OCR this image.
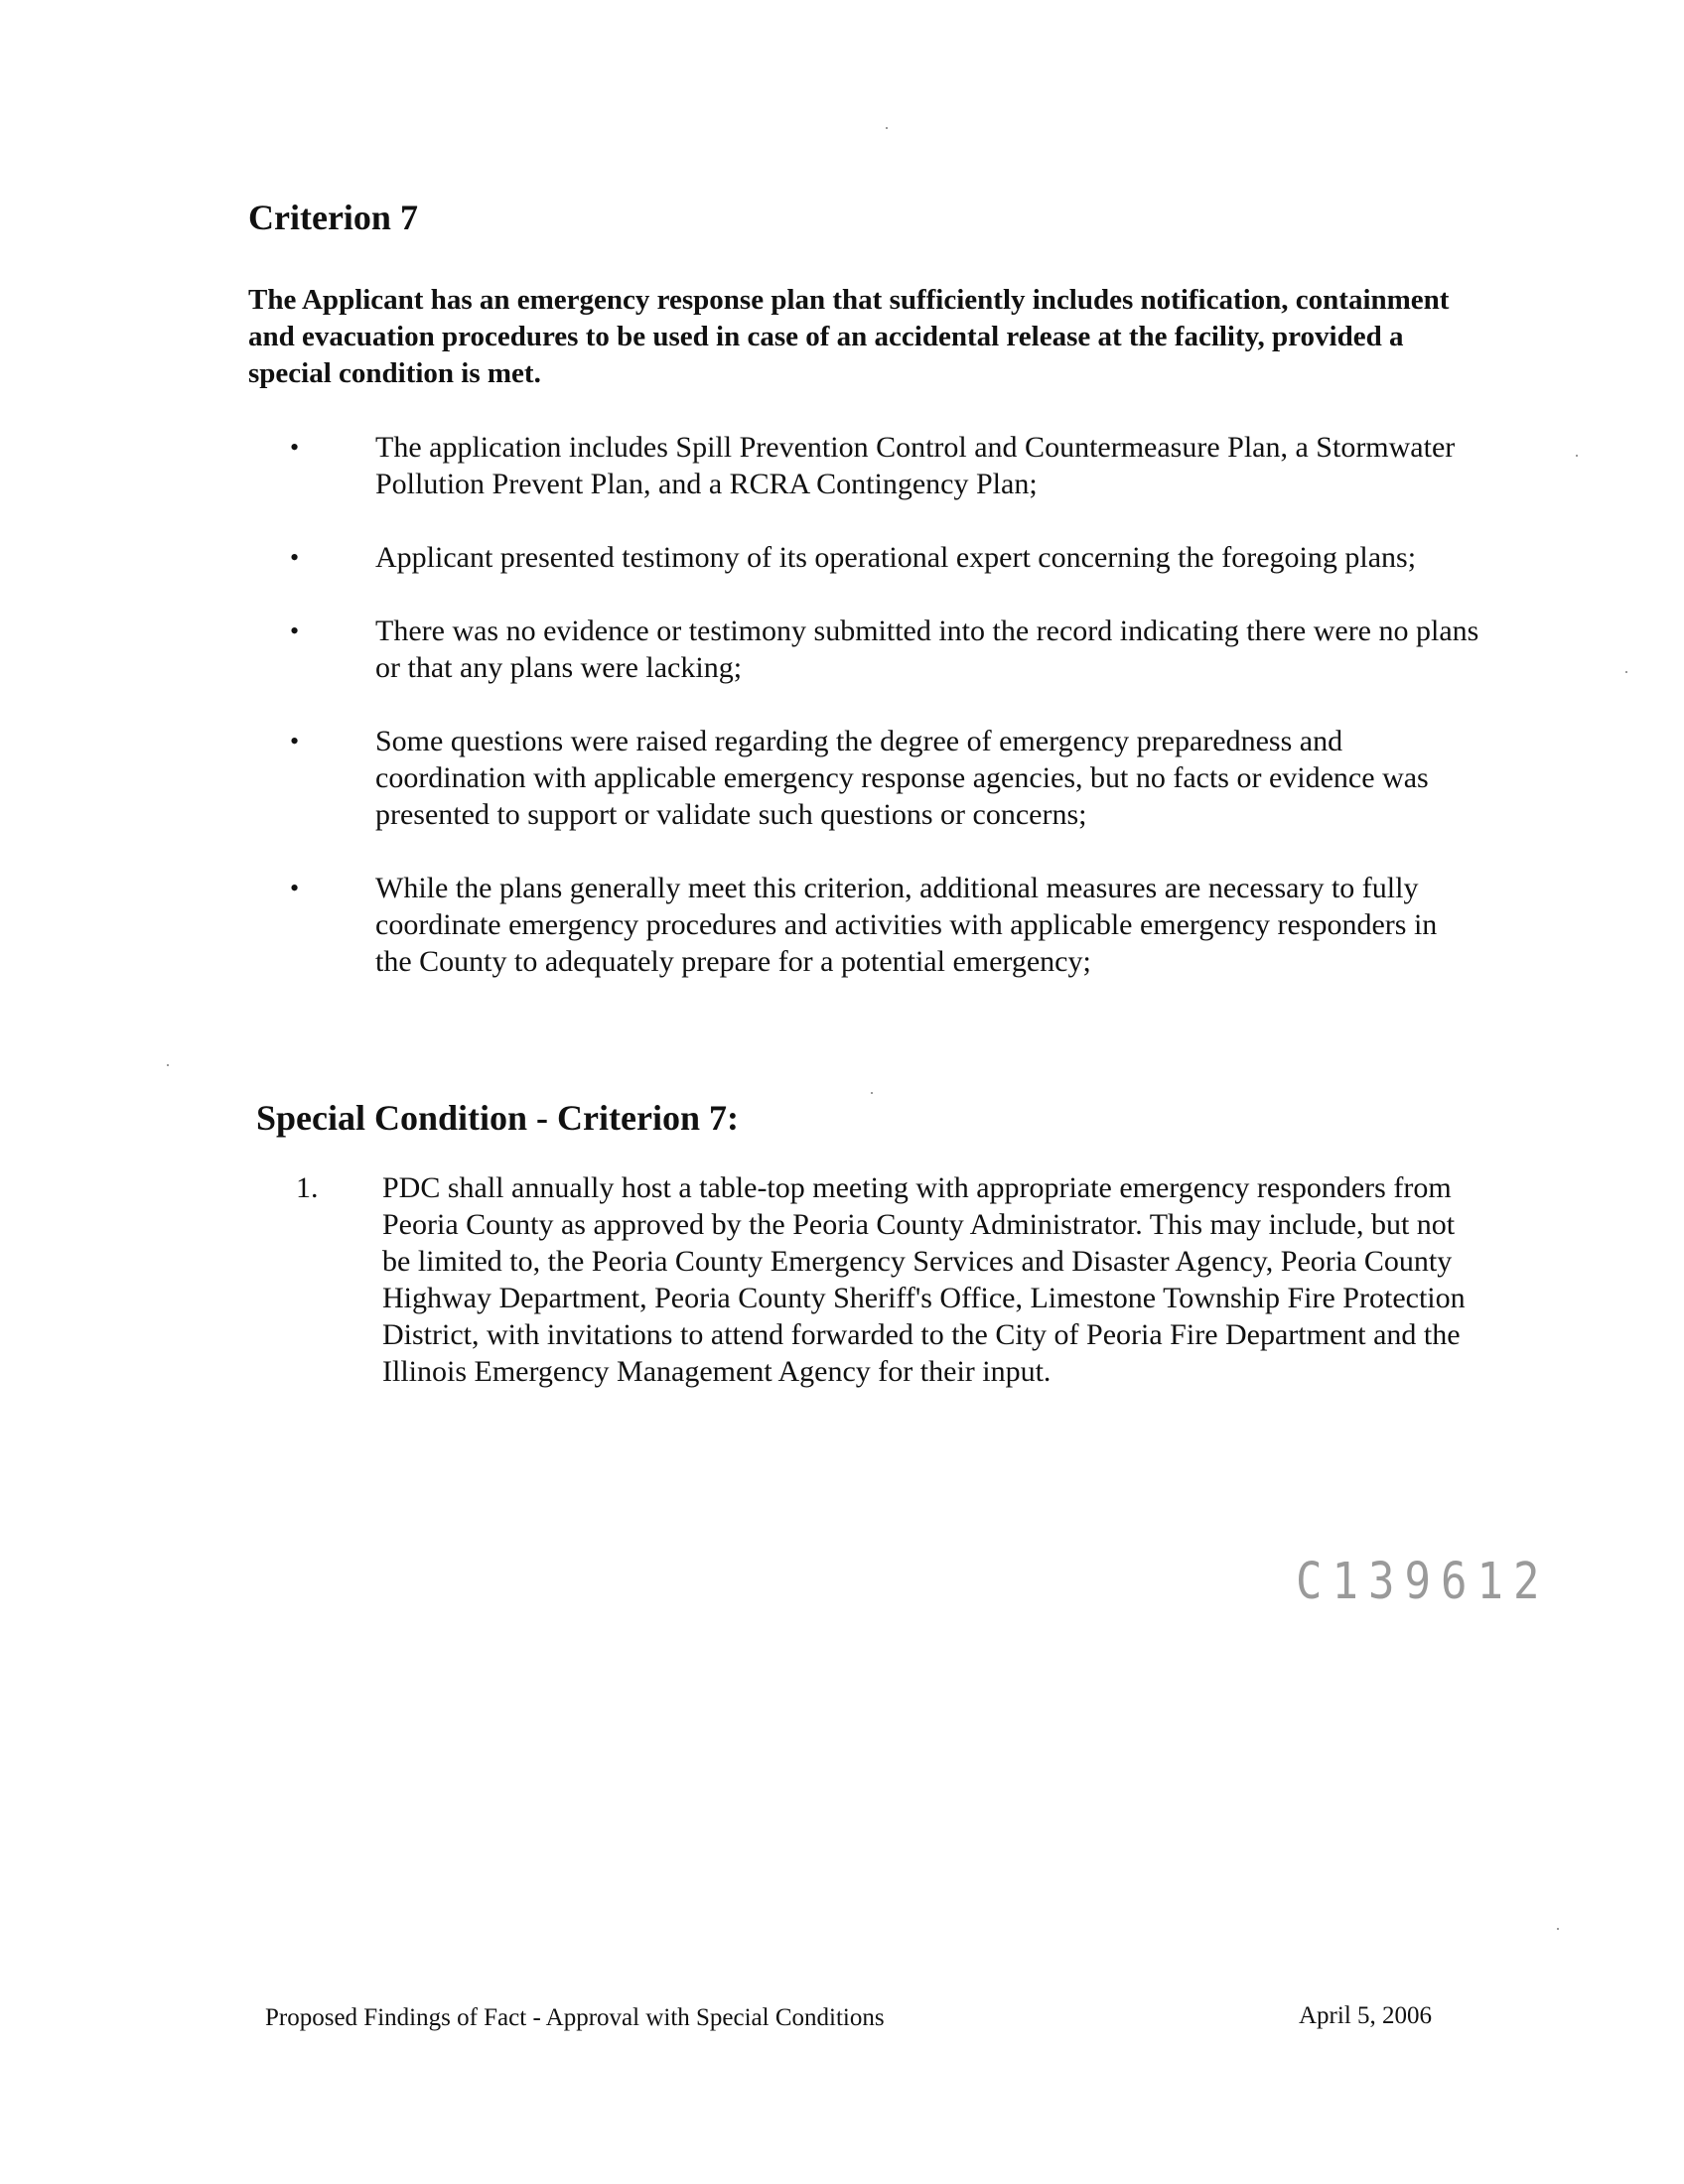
Criterion 7
The Applicant has an emergency response plan that sufficiently includes notification, containment and evacuation procedures to be used in case of an accidental release at the facility, provided a special condition is met.
•	The application includes Spill Prevention Control and Countermeasure Plan, a Stormwater Pollution Prevent Plan, and a RCRA Contingency Plan;
•	Applicant presented testimony of its operational expert concerning the foregoing plans;
•	There was no evidence or testimony submitted into the record indicating there were no plans or that any plans were lacking;
•	Some questions were raised regarding the degree of emergency preparedness and coordination with applicable emergency response agencies, but no facts or evidence was presented to support or validate such questions or concerns;
•	While the plans generally meet this criterion, additional measures are necessary to fully coordinate emergency procedures and activities with applicable emergency responders in the County to adequately prepare for a potential emergency;
Special Condition - Criterion 7:
1.	PDC shall annually host a table-top meeting with appropriate emergency responders from Peoria County as approved by the Peoria County Administrator. This may include, but not be limited to, the Peoria County Emergency Services and Disaster Agency, Peoria County Highway Department, Peoria County Sheriff's Office, Limestone Township Fire Protection District, with invitations to attend forwarded to the City of Peoria Fire Department and the Illinois Emergency Management Agency for their input.
C139612
Proposed Findings of Fact - Approval with Special Conditions	April 5, 2006
